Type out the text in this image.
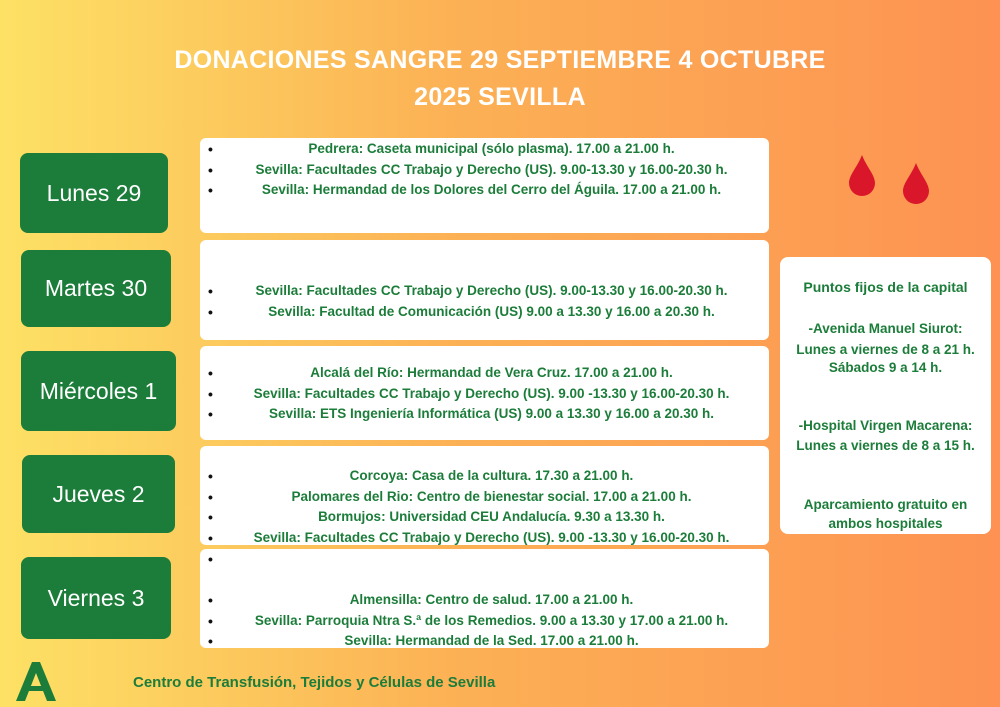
DONACIONES SANGRE 29 SEPTIEMBRE 4 OCTUBRE
2025 SEVILLA
Lunes 29
Martes 30
Miércoles 1
Jueves 2
Viernes 3
• Pedrera: Caseta municipal (sólo plasma). 17.00 a 21.00 h.
• Sevilla: Facultades CC Trabajo y Derecho (US). 9.00-13.30 y 16.00-20.30 h.
• Sevilla: Hermandad de los Dolores del Cerro del Águila. 17.00 a 21.00 h.
• Sevilla: Facultades CC Trabajo y Derecho (US). 9.00-13.30 y 16.00-20.30 h.
• Sevilla: Facultad de Comunicación (US) 9.00 a 13.30 y 16.00 a 20.30 h.
• Alcalá del Río: Hermandad de Vera Cruz. 17.00 a 21.00 h.
• Sevilla: Facultades CC Trabajo y Derecho (US). 9.00 -13.30 y 16.00-20.30 h.
• Sevilla: ETS Ingeniería Informática (US) 9.00 a 13.30 y 16.00 a 20.30 h.
• Corcoya: Casa de la cultura. 17.30 a 21.00 h.
• Palomares del Rio: Centro de bienestar social. 17.00 a 21.00 h.
• Bormujos: Universidad CEU Andalucía. 9.30 a 13.30 h.
• Sevilla: Facultades CC Trabajo y Derecho (US). 9.00 -13.30 y 16.00-20.30 h.
•
• Almensilla: Centro de salud. 17.00 a 21.00 h.
• Sevilla: Parroquia Ntra S.ª de los Remedios. 9.00 a 13.30 y 17.00 a 21.00 h.
• Sevilla: Hermandad de la Sed. 17.00 a 21.00 h.
Puntos fijos de la capital
-Avenida Manuel Siurot:
Lunes a viernes de 8 a 21 h.
Sábados 9 a 14 h.
-Hospital Virgen Macarena:
Lunes a viernes de 8 a 15 h.
Aparcamiento gratuito en
ambos hospitales
Centro de Transfusión, Tejidos y Células de Sevilla
